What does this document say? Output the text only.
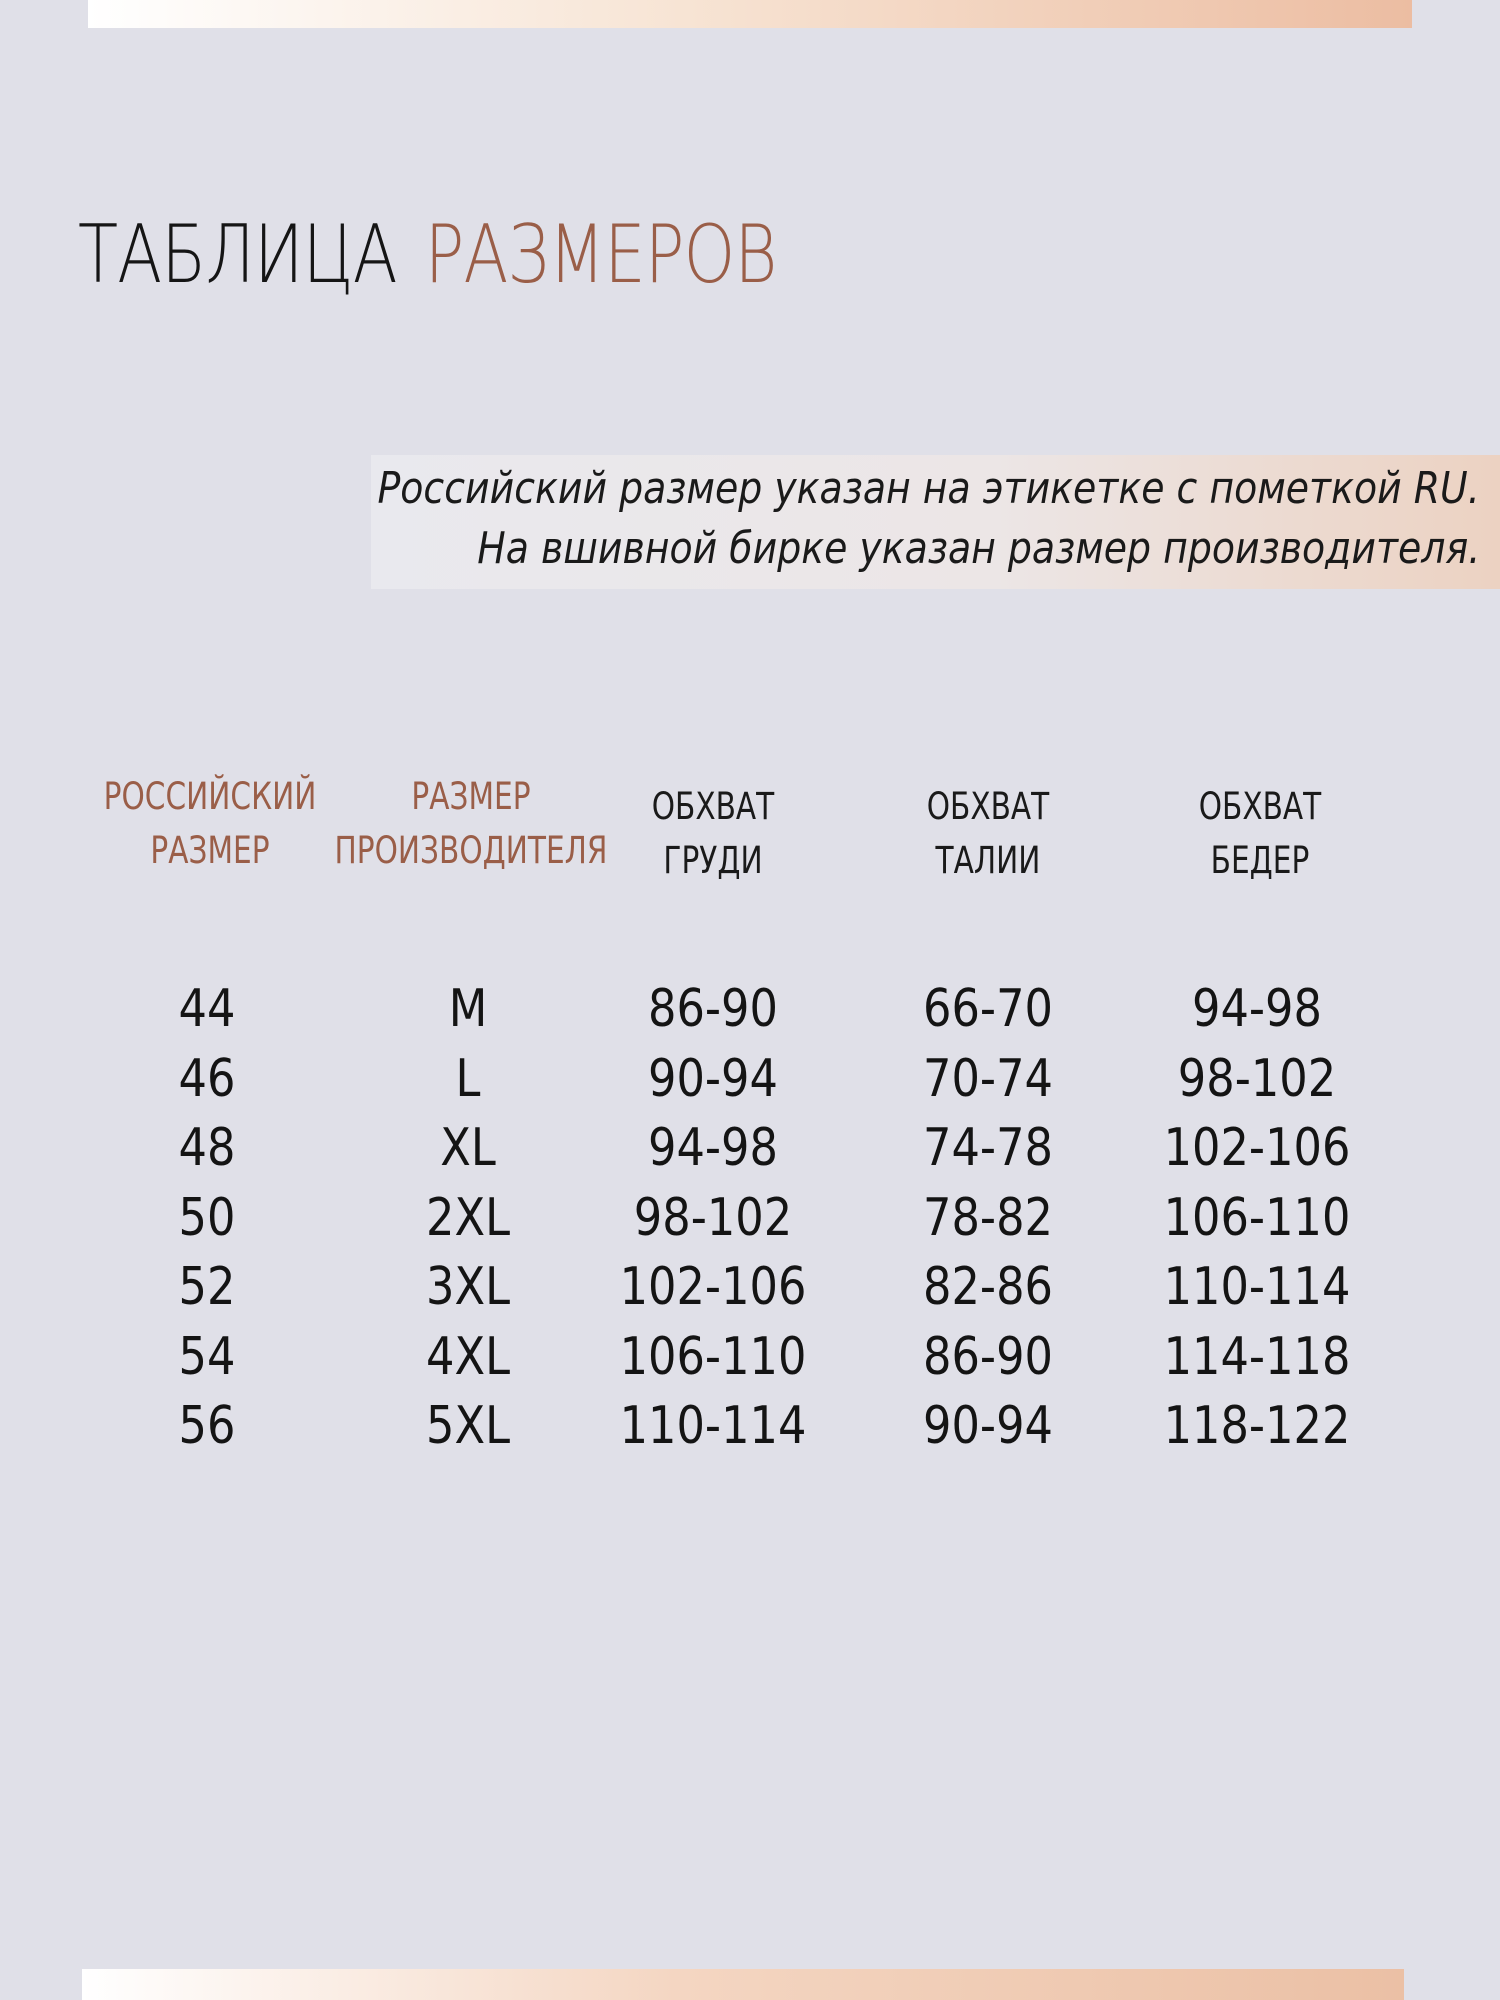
ТАБЛИЦА РАЗМЕРОВ
Российский размер указан на этикетке с пометкой RU.
На вшивной бирке указан размер производителя.
РОССИЙСКИЙ
РАЗМЕР
РАЗМЕР
ПРОИЗВОДИТЕЛЯ
ОБХВАТ
ГРУДИ
ОБХВАТ
ТАЛИИ
ОБХВАТ
БЕДЕР
44
46
48
50
52
54
56
M
L
XL
2XL
3XL
4XL
5XL
86-90
90-94
94-98
98-102
102-106
106-110
110-114
66-70
70-74
74-78
78-82
82-86
86-90
90-94
94-98
98-102
102-106
106-110
110-114
114-118
118-122
